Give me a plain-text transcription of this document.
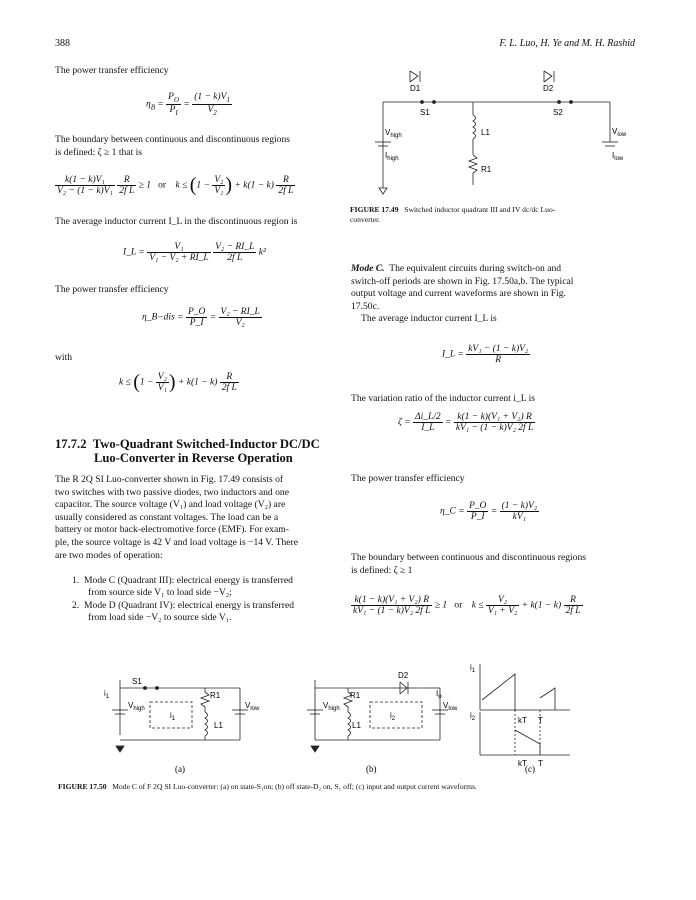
388	F. L. Luo, H. Ye and M. H. Rashid
The power transfer efficiency
$\eta_B = \frac{P_O}{P_I} = \frac{(1 - k)V_1}{V_2}$
The boundary between continuous and discontinuous regions
is defined: ζ ≥ 1 that is
$\frac{\text{k(1 − k)V₁}}{\text{V₂ − (1 − k)V₁}}$
$\frac{R}{\text{2f L}} \ge 1$ or $k \le (1 - \frac{\text{V₂}}{\text{V₁}}$ ) + $k(1 - k) \frac{R}{\text{2f L}}$
The average inductor current I_L in the discontinuous region is
I_L = $\frac{\text{V₁}}{\text{V₁ − V₂ + RI\_L}}$
$\frac{\text{V₂ − RI\_L}}{\text{2f L}} k^2$
The power transfer efficiency
η_B−dis = $\frac{P\_O}{P\_I} = \frac{\text{V₂ − RI\_L}}{\text{V₂}}$
with
$k \le (1 - \frac{\text{V₂}}{\text{V₁}}$ ) + $k(1 - k) \frac{R}{\text{2f L}}$
17.7.2 Two-Quadrant Switched-Inductor DC/DC
Luo-Converter in Reverse Operation
The R 2Q SI Luo-converter shown in Fig. 17.49 consists of
two switches with two passive diodes, two inductors and one
capacitor. The source voltage (V₁) and load voltage (V₂) are
usually considered as constant voltages. The load can be a
battery or motor back-electromotive force (EMF). For exam-
ple, the source voltage is 42 V and load voltage is −14 V. There
are two modes of operation:
1. Mode C (Quadrant III): electrical energy is transferred
from source side V₁ to load side −V₂;
2. Mode D (Quadrant IV): electrical energy is transferred
from load side −V₂ to source side V₁.
D1	D2
S1	S2
L1
R1
$V_{high}$
$I_{high}$
$V_{low}$
$I_{low}$
FIGURE 17.49 Switched inductor quadrant III and IV dc/dc Luo-
converter.
Mode C. The equivalent circuits during switch-on and
switch-off periods are shown in Fig. 17.50a,b. The typical
output voltage and current waveforms are shown in Fig.
17.50c.
The average inductor current I_L is
I_L = $\frac{\text{kV₁ − (1 − k)V₂}}{R}$
The variation ratio of the inductor current i_L is
$\zeta = \frac{\Delta i\_L/2}{I\_L} = \frac{\text{k(1 − k)(V₁ + V₂) R}}{\text{kV₁ − (1 − k)V₂ 2f L}}$
The power transfer efficiency
η_C = $\frac{P\_O}{P\_I} = \frac{\text{(1 − k)V₂}}{\text{kV₁}}$
The boundary between continuous and discontinuous regions
is defined: ζ ≥ 1
$\frac{\text{k(1 − k)(V₁ + V₂) R}}{\text{kV₁ − (1 − k)V₂ 2f L}} \ge 1$ or $k \le \frac{\text{V₂}}{\text{V₁ + V₂}} + k(1 - k) \frac{R}{\text{2f L}}$
$i_1$
S1
R1
L1
$V_{high}$	$V_{low}$
$i_1$
(a)
D2
R1
L1
$V_{high}$	$V_{low}$
$I_o$
$i_2$
(b)
$i_1$
$i_2$	kT T
kT T
(c)
FIGURE 17.50 Mode C of F 2Q SI Luo-converter: (a) on state-S₁on; (b) off state-D₂ on, S₁ off; (c) input and output current waveforms.
